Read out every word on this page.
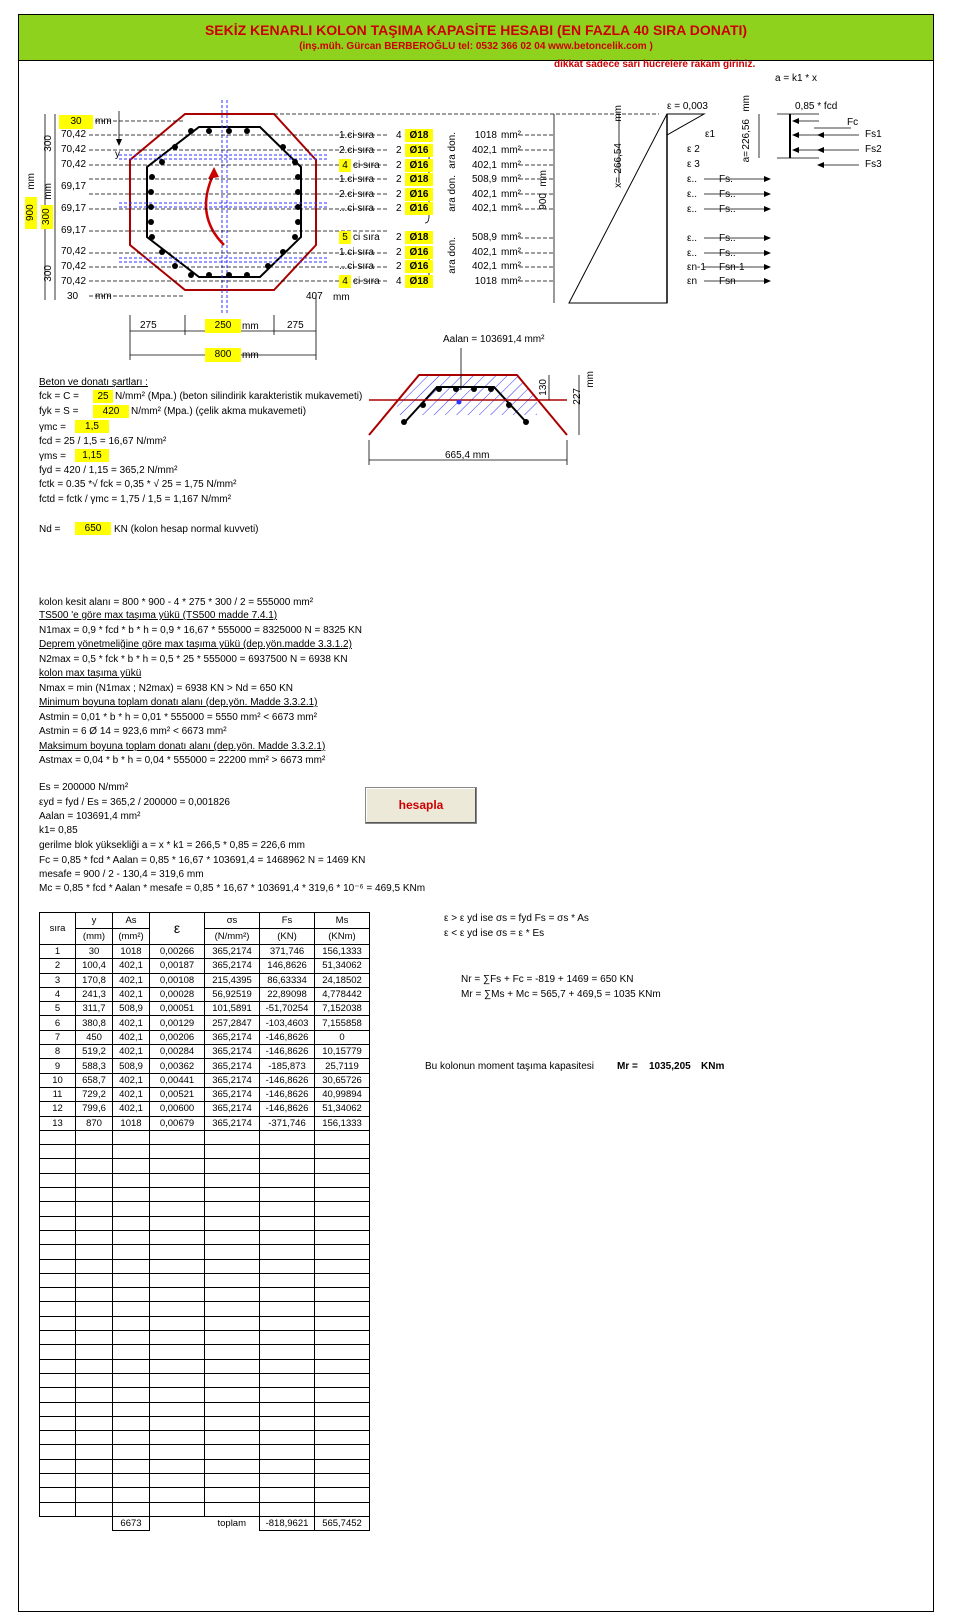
SEKİZ KENARLI KOLON TAŞIMA KAPASİTE HESABI (EN FAZLA 40 SIRA DONATI)
(inş.müh. Gürcan BERBEROĞLU tel: 0532 366 02 04 www.betoncelik.com )
dikkat sadece sarı hücrelere rakam giriniz.
a = k1 * x
30	mm
70,42
70,42
70,42
69,17
69,17
69,17
70,42
70,42
70,42
30 mm
y
300
300
mm
900
mm
300
407 mm
275	250	mm	275
800	mm
1.ci sıra 4 Ø18	1018 mm²
2.ci sıra 2 Ø16	402,1 mm²
4 ci sıra 2 Ø16	402,1 mm²
1.ci sıra 2 Ø18	508,9 mm²
2.ci sıra 2 Ø16	402,1 mm²
...ci sıra 2 Ø16	402,1 mm²
5 ci sıra 2 Ø18	508,9 mm²
1.ci sıra 2 Ø16	402,1 mm²
...ci sıra 2 Ø16	402,1 mm²
4 ci sıra 4 Ø18	1018 mm²
ara don.
ara don.
ara don.
ε = 0,003
mm
266,54
x=
mm
900
ε1
ε 2
ε 3
ε..
ε..
ε..
ε..
ε..
εn-1
εn
Fs.
Fs..
Fs..
Fs..
Fs..
Fsn-1
Fsn
0,85 * fcd
mm
226,56
a=
Fc
Fs1
Fs2
Fs3
Aalan = 103691,4 mm²
130
227
mm
665,4 mm
Beton ve donatı şartları :
fck = C =	25 N/mm² (Mpa.) (beton silindirik karakteristik mukavemeti)
fyk = S =	420	N/mm² (Mpa.) (çelik akma mukavemeti)
γmc =	1,5
fcd = 25 / 1,5 = 16,67 N/mm²
γms =	1,15
fyd = 420 / 1,15 = 365,2 N/mm²
fctk = 0.35 *√ fck = 0,35 * √ 25 = 1,75 N/mm²
fctd = fctk / γmc = 1,75 / 1,5 = 1,167 N/mm²
Nd =	650	KN (kolon hesap normal kuvveti)
kolon kesit alanı = 800 * 900 - 4 * 275 * 300 / 2 = 555000 mm²
TS500 'e göre max taşıma yükü (TS500 madde 7.4.1)
N1max = 0,9 * fcd * b * h = 0,9 * 16,67 * 555000 = 8325000 N = 8325 KN
Deprem yönetmeliğine göre max taşıma yükü (dep.yön.madde 3.3.1.2)
N2max = 0,5 * fck * b * h = 0,5 * 25 * 555000 = 6937500 N = 6938 KN
kolon max taşıma yükü
Nmax = min (N1max ; N2max) = 6938 KN > Nd = 650 KN
Minimum boyuna toplam donatı alanı (dep.yön. Madde 3.3.2.1)
Astmin = 0,01 * b * h = 0,01 * 555000 = 5550 mm² < 6673 mm²
Astmin = 6 Ø 14 = 923,6 mm² < 6673 mm²
Maksimum boyuna toplam donatı alanı (dep.yön. Madde 3.3.2.1)
Astmax = 0,04 * b * h = 0,04 * 555000 = 22200 mm² > 6673 mm²
Es = 200000 N/mm²
εyd = fyd / Es = 365,2 / 200000 = 0,001826
Aalan = 103691,4 mm²
k1= 0,85
gerilme blok yüksekliği a = x * k1 = 266,5 * 0,85 = 226,6 mm
Fc = 0,85 * fcd * Aalan = 0,85 * 16,67 * 103691,4 = 1468962 N = 1469 KN
mesafe = 900 / 2 - 130,4 = 319,6 mm
Mc = 0,85 * fcd * Aalan * mesafe = 0,85 * 16,67 * 103691,4 * 319,6 * 10⁻⁶ = 469,5 KNm
hesapla
sıra	y	As	ε	σs	Fs	Ms
	(mm)	(mm²)		(N/mm²)	(KN)	(KNm)
1	30	1018	0,00266	365,2174	371,746	156,1333
2	100,4	402,1	0,00187	365,2174	146,8626	51,34062
3	170,8	402,1	0,00108	215,4395	86,63334	24,18502
4	241,3	402,1	0,00028	56,92519	22,89098	4,778442
5	311,7	508,9	0,00051	101,5891	-51,70254	7,152038
6	380,8	402,1	0,00129	257,2847	-103,4603	7,155858
7	450	402,1	0,00206	365,2174	-146,8626	0
8	519,2	402,1	0,00284	365,2174	-146,8626	10,15779
9	588,3	508,9	0,00362	365,2174	-185,873	25,7119
10	658,7	402,1	0,00441	365,2174	-146,8626	30,65726
11	729,2	402,1	0,00521	365,2174	-146,8626	40,99894
12	799,6	402,1	0,00600	365,2174	-146,8626	51,34062
13	870	1018	0,00679	365,2174	-371,746	156,1333

		6673		toplam	-818,9621	565,7452
ε > ε yd ise σs = fyd Fs = σs * As
ε < ε yd ise σs = ε * Es
Nr = ∑Fs + Fc = -819 + 1469 = 650 KN
Mr = ∑Ms + Mc = 565,7 + 469,5 = 1035 KNm
Bu kolonun moment taşıma kapasitesi Mr = 1035,205 KNm
